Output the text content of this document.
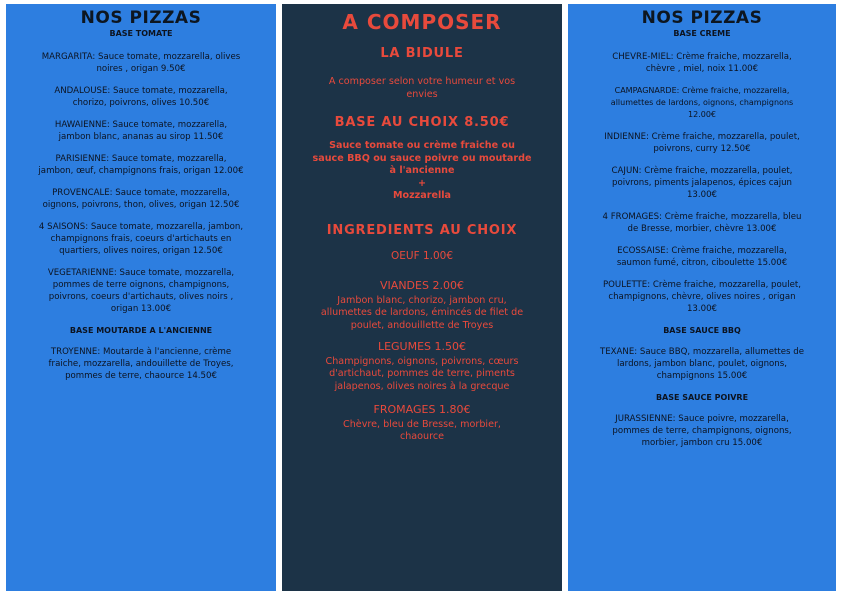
NOS PIZZAS
BASE TOMATE
MARGARITA: Sauce tomate, mozzarella, olives noires , origan 9.50€
ANDALOUSE: Sauce tomate, mozzarella, chorizo, poivrons, olives 10.50€
HAWAIENNE: Sauce tomate, mozzarella, jambon blanc, ananas au sirop 11.50€
PARISIENNE: Sauce tomate, mozzarella, jambon, œuf, champignons frais, origan 12.00€
PROVENCALE: Sauce tomate, mozzarella, oignons, poivrons, thon, olives, origan 12.50€
4 SAISONS: Sauce tomate, mozzarella, jambon, champignons frais, coeurs d'artichauts en quartiers, olives noires, origan 12.50€
VEGETARIENNE: Sauce tomate, mozzarella, pommes de terre oignons, champignons, poivrons, coeurs d'artichauts, olives noirs , origan 13.00€
BASE MOUTARDE A L'ANCIENNE
TROYENNE: Moutarde à l'ancienne, crème fraiche, mozzarella, andouillette de Troyes, pommes de terre, chaource 14.50€
A COMPOSER
LA BIDULE
A composer selon votre humeur et vos envies
BASE AU CHOIX 8.50€
Sauce tomate ou crème fraiche ou sauce BBQ ou sauce poivre ou moutarde à l'ancienne
+
Mozzarella
INGREDIENTS AU CHOIX
OEUF 1.00€
VIANDES 2.00€
Jambon blanc, chorizo, jambon cru, allumettes de lardons, émincés de filet de poulet, andouillette de Troyes
LEGUMES 1.50€
Champignons, oignons, poivrons, cœurs d'artichaut, pommes de terre, piments jalapenos, olives noires à la grecque
FROMAGES 1.80€
Chèvre, bleu de Bresse, morbier, chaource
NOS PIZZAS
BASE CREME
CHEVRE-MIEL: Crème fraiche, mozzarella, chèvre , miel, noix 11.00€
CAMPAGNARDE: Crème fraiche, mozzarella, allumettes de lardons, oignons, champignons 12.00€
INDIENNE: Crème fraiche, mozzarella, poulet, poivrons, curry 12.50€
CAJUN: Crème fraiche, mozzarella, poulet, poivrons, piments jalapenos, épices cajun 13.00€
4 FROMAGES: Crème fraiche, mozzarella, bleu de Bresse, morbier, chèvre 13.00€
ECOSSAISE: Crème fraiche, mozzarella, saumon fumé, citron, ciboulette 15.00€
POULETTE: Crème fraiche, mozzarella, poulet, champignons, chèvre, olives noires , origan 13.00€
BASE SAUCE BBQ
TEXANE: Sauce BBQ, mozzarella, allumettes de lardons, jambon blanc, poulet, oignons, champignons 15.00€
BASE SAUCE POIVRE
JURASSIENNE: Sauce poivre, mozzarella, pommes de terre, champignons, oignons, morbier, jambon cru 15.00€
